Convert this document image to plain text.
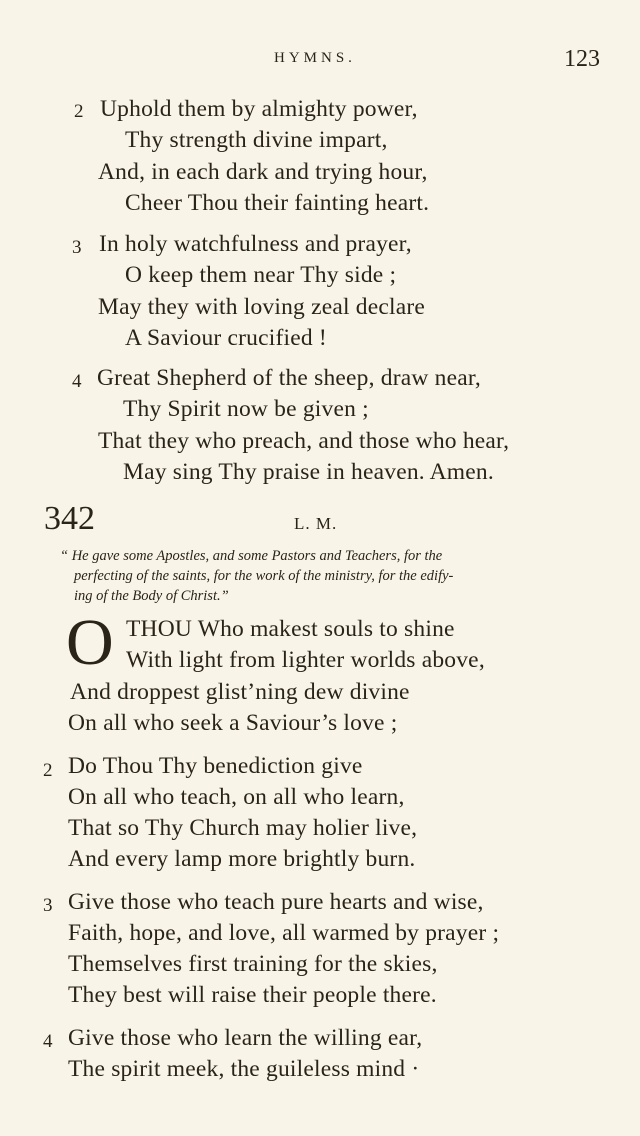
HYMNS.	123
2 Uphold them by almighty power,
Thy strength divine impart,
And, in each dark and trying hour,
Cheer Thou their fainting heart.
3 In holy watchfulness and prayer,
O keep them near Thy side ;
May they with loving zeal declare
A Saviour crucified !
4 Great Shepherd of the sheep, draw near,
Thy Spirit now be given ;
That they who preach, and those who hear,
May sing Thy praise in heaven. Amen.
342	L. M.
“ He gave some Apostles, and some Pastors and Teachers, for the
perfecting of the saints, for the work of the ministry, for the edify-
ing of the Body of Christ.”
O THOU Who makest souls to shine
With light from lighter worlds above,
And droppest glist’ning dew divine
On all who seek a Saviour’s love ;
2 Do Thou Thy benediction give
On all who teach, on all who learn,
That so Thy Church may holier live,
And every lamp more brightly burn.
3 Give those who teach pure hearts and wise,
Faith, hope, and love, all warmed by prayer ;
Themselves first training for the skies,
They best will raise their people there.
4 Give those who learn the willing ear,
The spirit meek, the guileless mind ·
